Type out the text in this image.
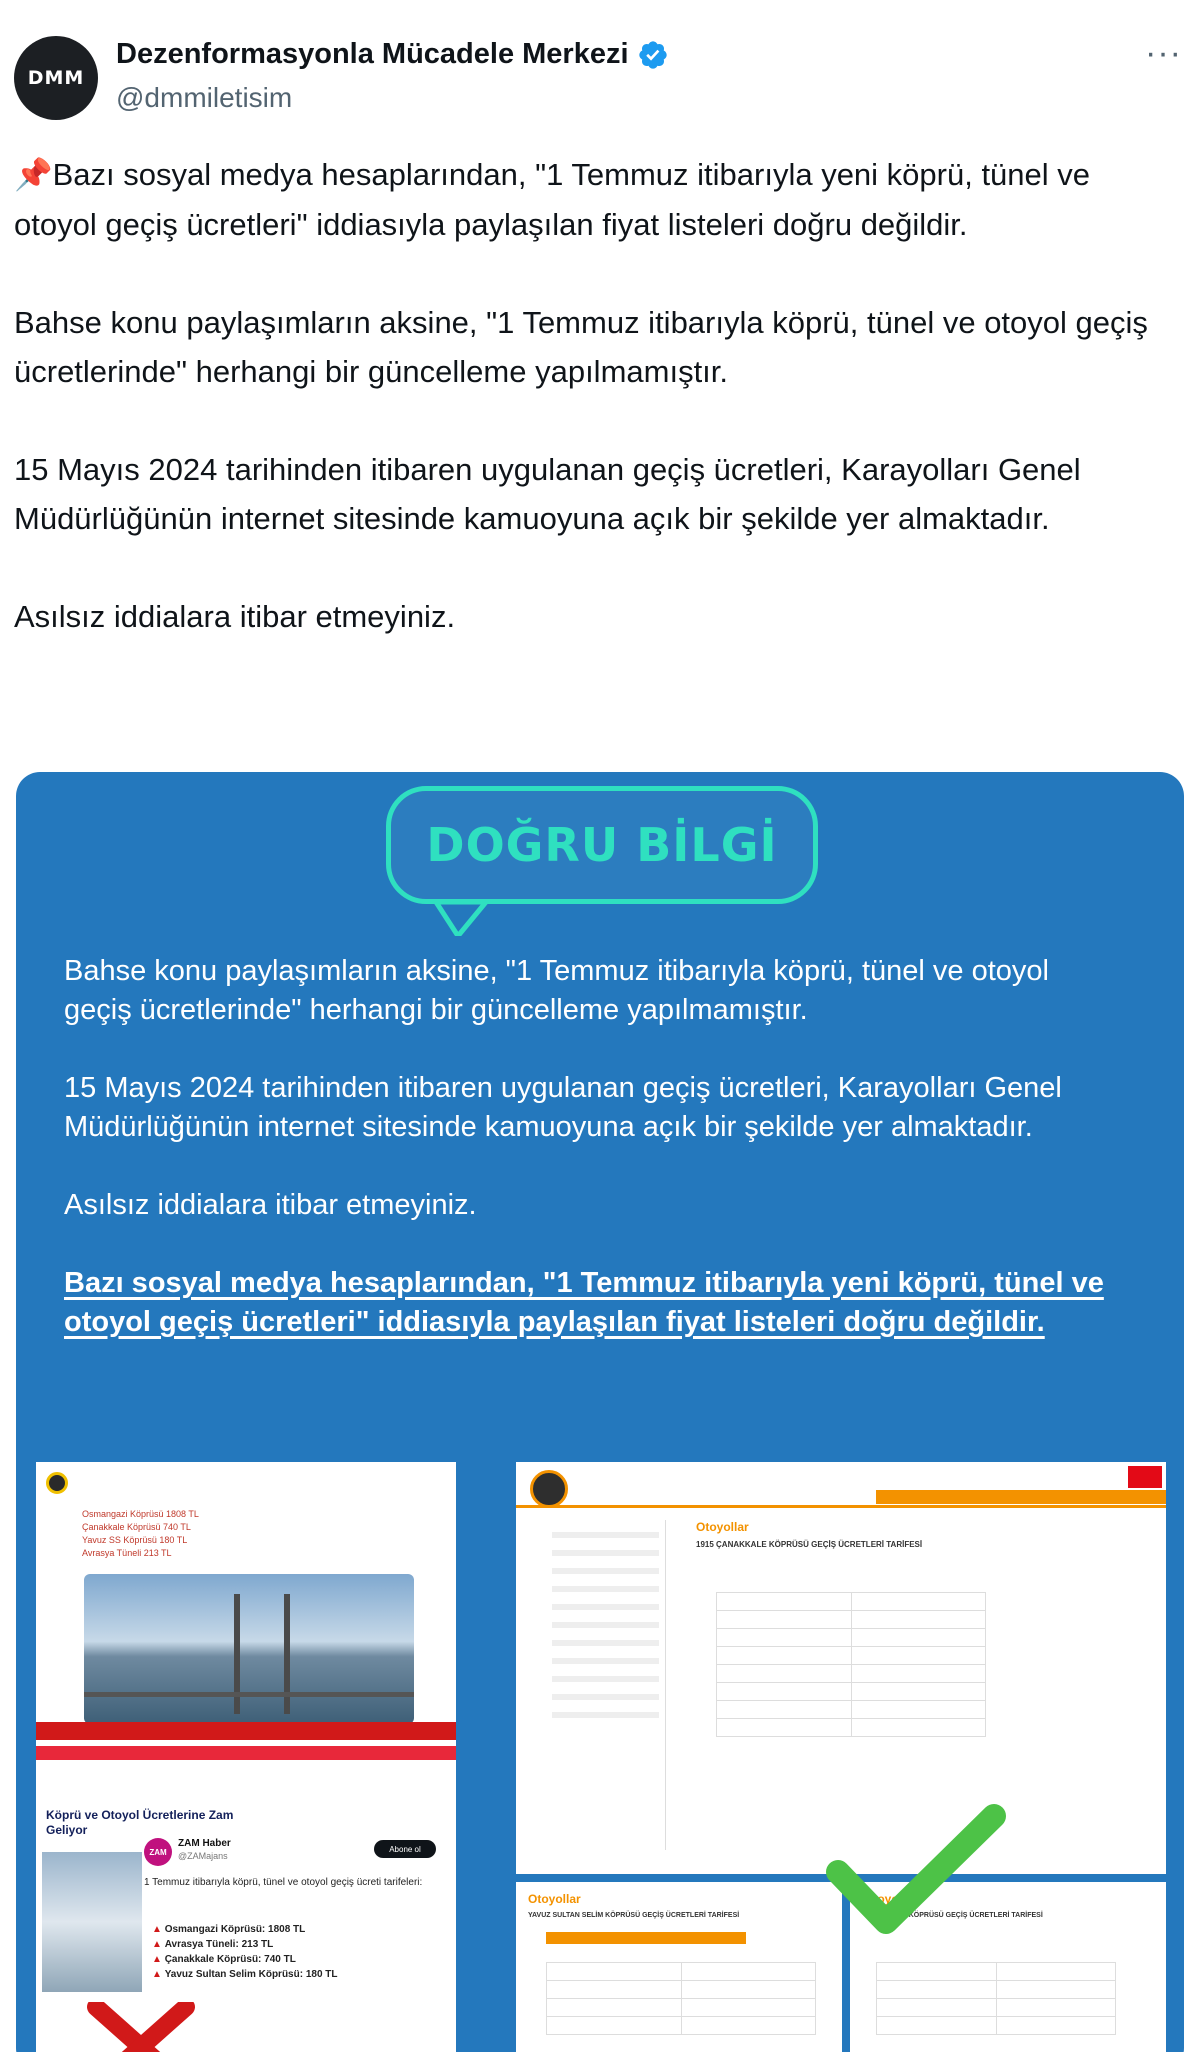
DMM
Dezenformasyonla Mücadele Merkezi
@dmmiletisim
···

📌Bazı sosyal medya hesaplarından, "1 Temmuz itibarıyla yeni köprü, tünel ve otoyol geçiş ücretleri" iddiasıyla paylaşılan fiyat listeleri doğru değildir.

Bahse konu paylaşımların aksine, "1 Temmuz itibarıyla köprü, tünel ve otoyol geçiş ücretlerinde" herhangi bir güncelleme yapılmamıştır.

15 Mayıs 2024 tarihinden itibaren uygulanan geçiş ücretleri, Karayolları Genel Müdürlüğünün internet sitesinde kamuoyuna açık bir şekilde yer almaktadır.

Asılsız iddialara itibar etmeyiniz.

DOĞRU BİLGİ

Bahse konu paylaşımların aksine, "1 Temmuz itibarıyla köprü, tünel ve otoyol geçiş ücretlerinde" herhangi bir güncelleme yapılmamıştır.

15 Mayıs 2024 tarihinden itibaren uygulanan geçiş ücretleri, Karayolları Genel Müdürlüğünün internet sitesinde kamuoyuna açık bir şekilde yer almaktadır.

Asılsız iddialara itibar etmeyiniz.

Bazı sosyal medya hesaplarından, "1 Temmuz itibarıyla yeni köprü, tünel ve otoyol geçiş ücretleri" iddiasıyla paylaşılan fiyat listeleri doğru değildir.

Osmangazi Köprüsü 1808 TL
Çanakkale Köprüsü 740 TL
Yavuz SS Köprüsü 180 TL
Avrasya Tüneli 213 TL
Köprü ve Otoyol Ücretlerine Zam Geliyor
ZAM
ZAM Haber
@ZAMajans
Abone ol
1 Temmuz itibarıyla köprü, tünel ve otoyol geçiş ücreti tarifeleri:
▲ Osmangazi Köprüsü: 1808 TL
▲ Avrasya Tüneli: 213 TL
▲ Çanakkale Köprüsü: 740 TL
▲ Yavuz Sultan Selim Köprüsü: 180 TL
Otoyollar
1915 ÇANAKKALE KÖPRÜSÜ GEÇİŞ ÜCRETLERİ TARİFESİ

Otoyollar
YAVUZ SULTAN SELİM KÖPRÜSÜ GEÇİŞ ÜCRETLERİ TARİFESİ

Otoyollar
OSMANGAZİ KÖPRÜSÜ GEÇİŞ ÜCRETLERİ TARİFESİ
